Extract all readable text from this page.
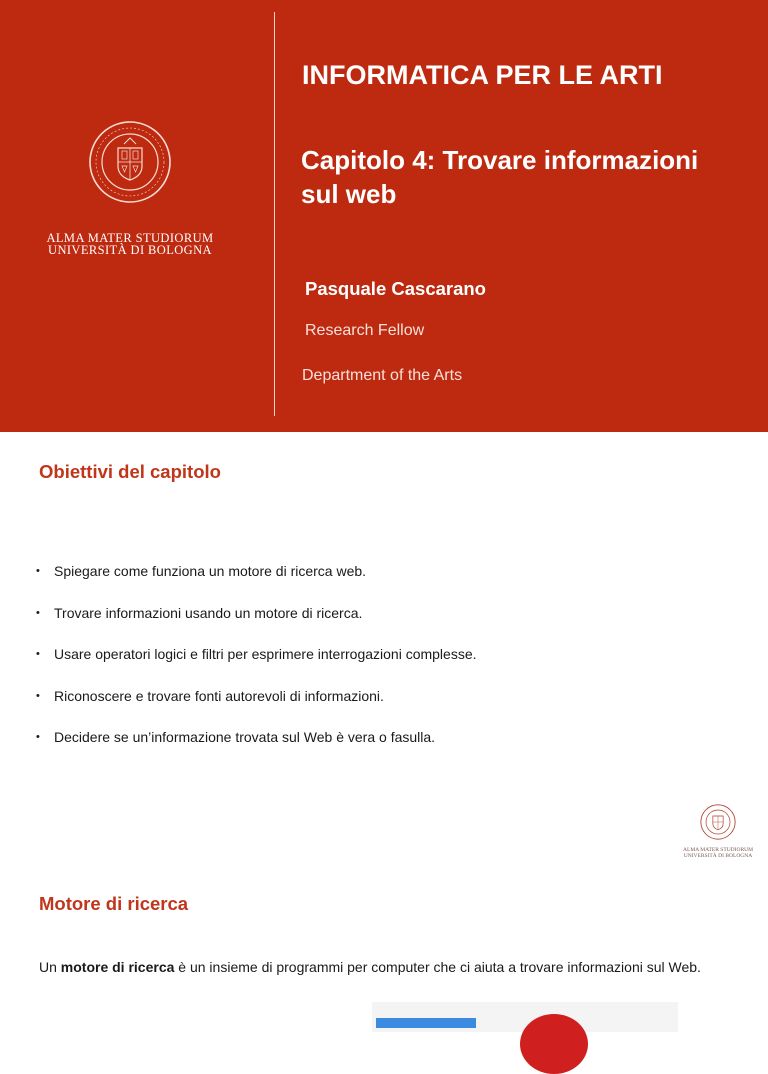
ALMA MATER STUDIORUM
UNIVERSITÀ DI BOLOGNA
INFORMATICA PER LE ARTI
Capitolo 4: Trovare informazioni sul web
Pasquale Cascarano
Research Fellow
Department of the Arts
Obiettivi del capitolo
• Spiegare come funziona un motore di ricerca web.
• Trovare informazioni usando un motore di ricerca.
• Usare operatori logici e filtri per esprimere interrogazioni complesse.
• Riconoscere e trovare fonti autorevoli di informazioni.
• Decidere se un’informazione trovata sul Web è vera o fasulla.
ALMA MATER STUDIORUM
UNIVERSITÀ DI BOLOGNA
Motore di ricerca
Un motore di ricerca è un insieme di programmi per computer che ci aiuta a trovare informazioni sul Web.
